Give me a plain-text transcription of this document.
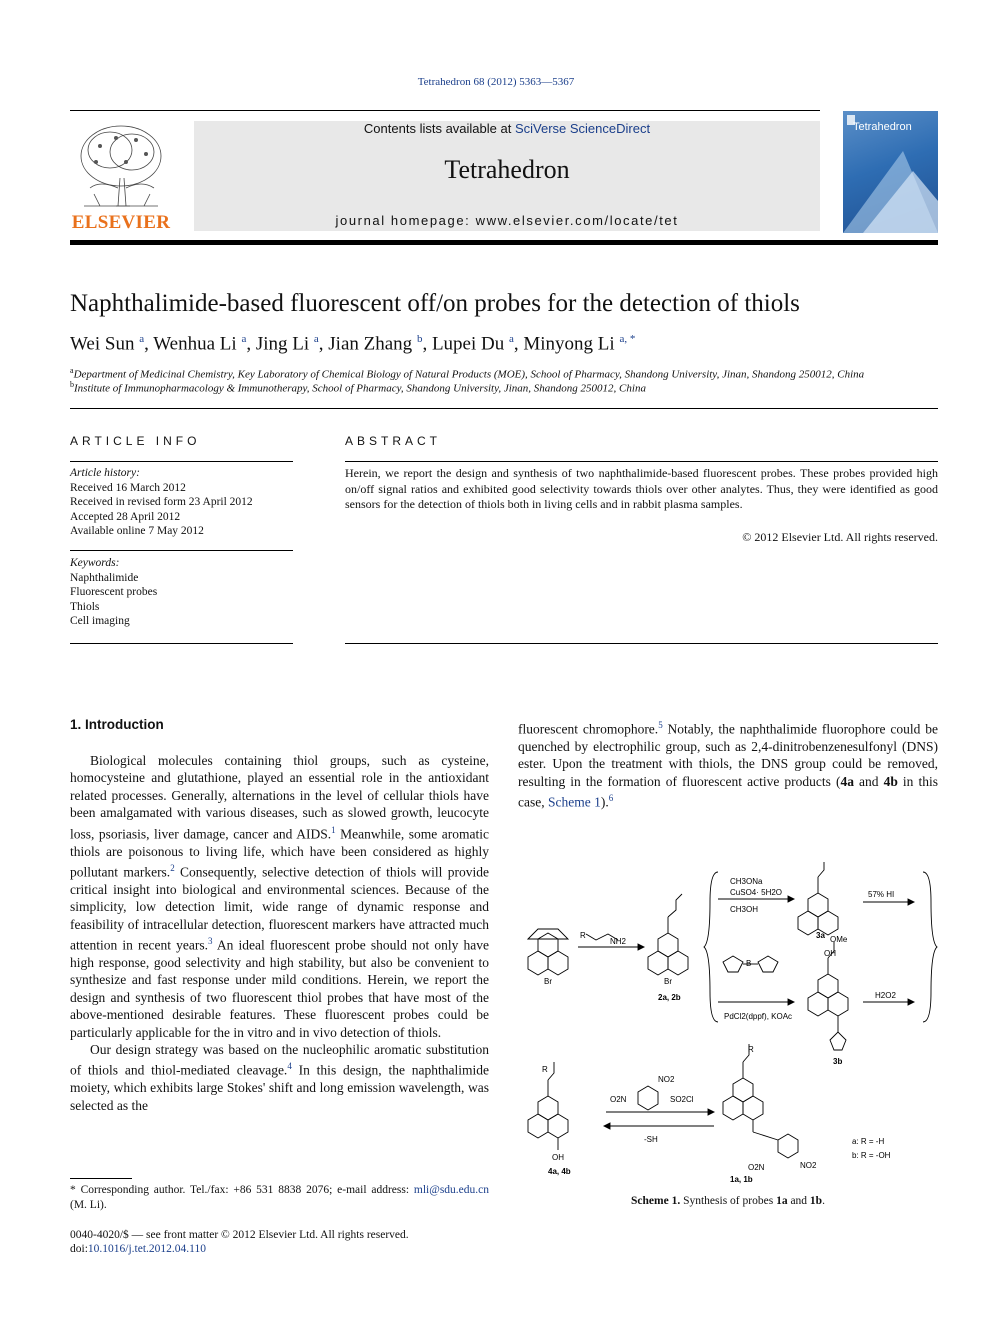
Tetrahedron 68 (2012) 5363—5367
ELSEVIER
Contents lists available at SciVerse ScienceDirect
Tetrahedron
journal homepage: www.elsevier.com/locate/tet
Tetrahedron
Naphthalimide-based fluorescent off/on probes for the detection of thiols
Wei Sun $^a$, Wenhua Li $^a$, Jing Li $^a$, Jian Zhang $^b$, Lupei Du $^a$, Minyong Li $^{a, *}$
$^a$Department of Medicinal Chemistry, Key Laboratory of Chemical Biology of Natural Products (MOE), School of Pharmacy, Shandong University, Jinan, Shandong 250012, China
$^b$Institute of Immunopharmacology & Immunotherapy, School of Pharmacy, Shandong University, Jinan, Shandong 250012, China
ARTICLE INFO
Article history:
Received 16 March 2012
Received in revised form 23 April 2012
Accepted 28 April 2012
Available online 7 May 2012
Keywords:
Naphthalimide
Fluorescent probes
Thiols
Cell imaging
ABSTRACT
Herein, we report the design and synthesis of two naphthalimide-based fluorescent probes. These probes provided high on/off signal ratios and exhibited good selectivity towards thiols over other analytes. Thus, they were identified as good sensors for the detection of thiols both in living cells and in rabbit plasma samples.
© 2012 Elsevier Ltd. All rights reserved.
1. Introduction

Biological molecules containing thiol groups, such as cysteine, homocysteine and glutathione, played an essential role in the antioxidant related processes. Generally, alternations in the level of cellular thiols have been amalgamated with various diseases, such as slowed growth, leucocyte loss, psoriasis, liver damage, cancer and AIDS.$^1$ Meanwhile, some aromatic thiols are poisonous to living life, which have been considered as highly pollutant markers.$^2$ Consequently, selective detection of thiols will provide critical insight into biological and environmental sciences. Because of the simplicity, low detection limit, wide range of dynamic response and feasibility of intracellular detection, fluorescent markers have attracted much attention in recent years.$^3$ An ideal fluorescent probe should not only have high response, good selectivity and high stability, but also be convenient to synthesize and fast response under mild conditions. Herein, we report the design and synthesis of two fluorescent thiol probes that have most of the above-mentioned desirable features. These fluorescent probes could be particularly applicable for the in vitro and in vivo detection of thiols.

Our design strategy was based on the nucleophilic aromatic substitution of thiols and thiol-mediated cleavage.$^4$ In this design, the naphthalimide moiety, which exhibits large Stokes' shift and long emission wavelength, was selected as the

fluorescent chromophore.$^5$ Notably, the naphthalimide fluorophore could be quenched by electrophilic group, such as 2,4-dinitrobenzenesulfonyl (DNS) ester. Upon the treatment with thiols, the DNS group could be removed, resulting in the formation of fluorescent active products (4a and 4b in this case, Scheme 1).$^6$
Br
R
NH2
Br
2a, 2b
CH3ONa
CuSO4· 5H2O
CH3OH
57% HI
OMe
3a
OH
B
PdCl2(dppf), KOAc
H2O2
3b
R
OH
4a, 4b
NO2
O2N	SO2Cl
-SH
R
O2N	NO2
1a, 1b
a: R = -H
b: R = -OH
Scheme 1. Synthesis of probes 1a and 1b.
* Corresponding author. Tel./fax: +86 531 8838 2076; e-mail address: mli@sdu.edu.cn (M. Li).
0040-4020/$ — see front matter © 2012 Elsevier Ltd. All rights reserved.
doi:10.1016/j.tet.2012.04.110
